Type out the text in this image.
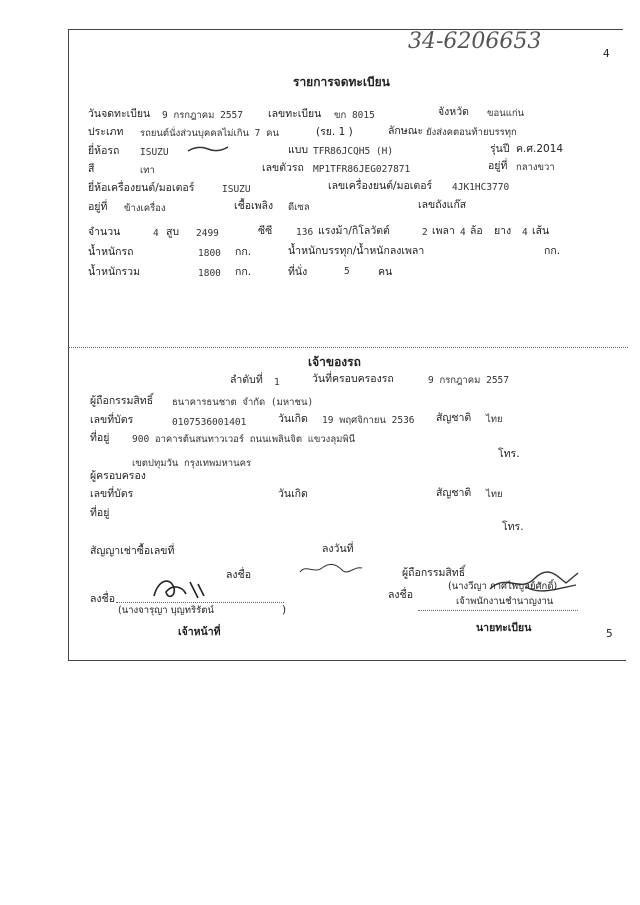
34-6206653	4
รายการจดทะเบียน
วันจดทะเบียน 9 กรกฎาคม 2557 เลขทะเบียน ขก 8015	จังหวัด ขอนแก่น
ประเภท รถยนต์นั่งส่วนบุคคลไม่เกิน 7 คน	(รย. 1 )	ลักษณะ ยังส่งคตอนท้ายบรรทุก
ยี่ห้อรถ ISUZU	แบบ TFR86JCQH5 (H)	รุ่นปี ค.ศ.2014
สี	เทา	เลขตัวรถ MP1TFR86JEG027871	อยู่ที่ กลางขวา
ยี่ห้อเครื่องยนต์/มอเตอร์	ISUZU	เลขเครื่องยนต์/มอเตอร์ 4JK1HC3770
อยู่ที่ ข้างเครื่อง	เชื้อเพลิง ดีเซล	เลขถังแก๊ส
จำนวน	4 สูบ 2499	ซีซี 136 แรงม้า/กิโลวัตต์	2 เพลา 4 ล้อ ยาง 4 เส้น
น้ำหนักรถ	1800 กก.	น้ำหนักบรรทุก/น้ำหนักลงเพลา	กก.
น้ำหนักรวม	1800 กก.	ที่นั่ง	5	คน
เจ้าของรถ
ลำดับที่ 1	วันที่ครอบครองรถ	9 กรกฎาคม 2557
ผู้ถือกรรมสิทธิ์ ธนาคารธนชาต จำกัด (มหาชน)
เลขที่บัตร	0107536001401	วันเกิด 19 พฤศจิกายน 2536 สัญชาติ ไทย
ที่อยู่ 900 อาคารต้นสนทาวเวอร์ ถนนเพลินจิต แขวงลุมพินี
โทร.
เขตปทุมวัน กรุงเทพมหานคร
ผู้ครอบครอง
เลขที่บัตร	วันเกิด	สัญชาติ ไทย
ที่อยู่
โทร.
สัญญาเช่าซื้อเลขที่	ลงวันที่
ลงชื่อ	ผู้ถือกรรมสิทธิ์
ลงชื่อ
(นางจารุญา บุญทริรัตน์	)
เจ้าหน้าที่
ลงชื่อ
(นางวีญา กาศไพบูลย์ศักดิ์)
เจ้าพนักงานชำนาญงาน
นายทะเบียน	5
